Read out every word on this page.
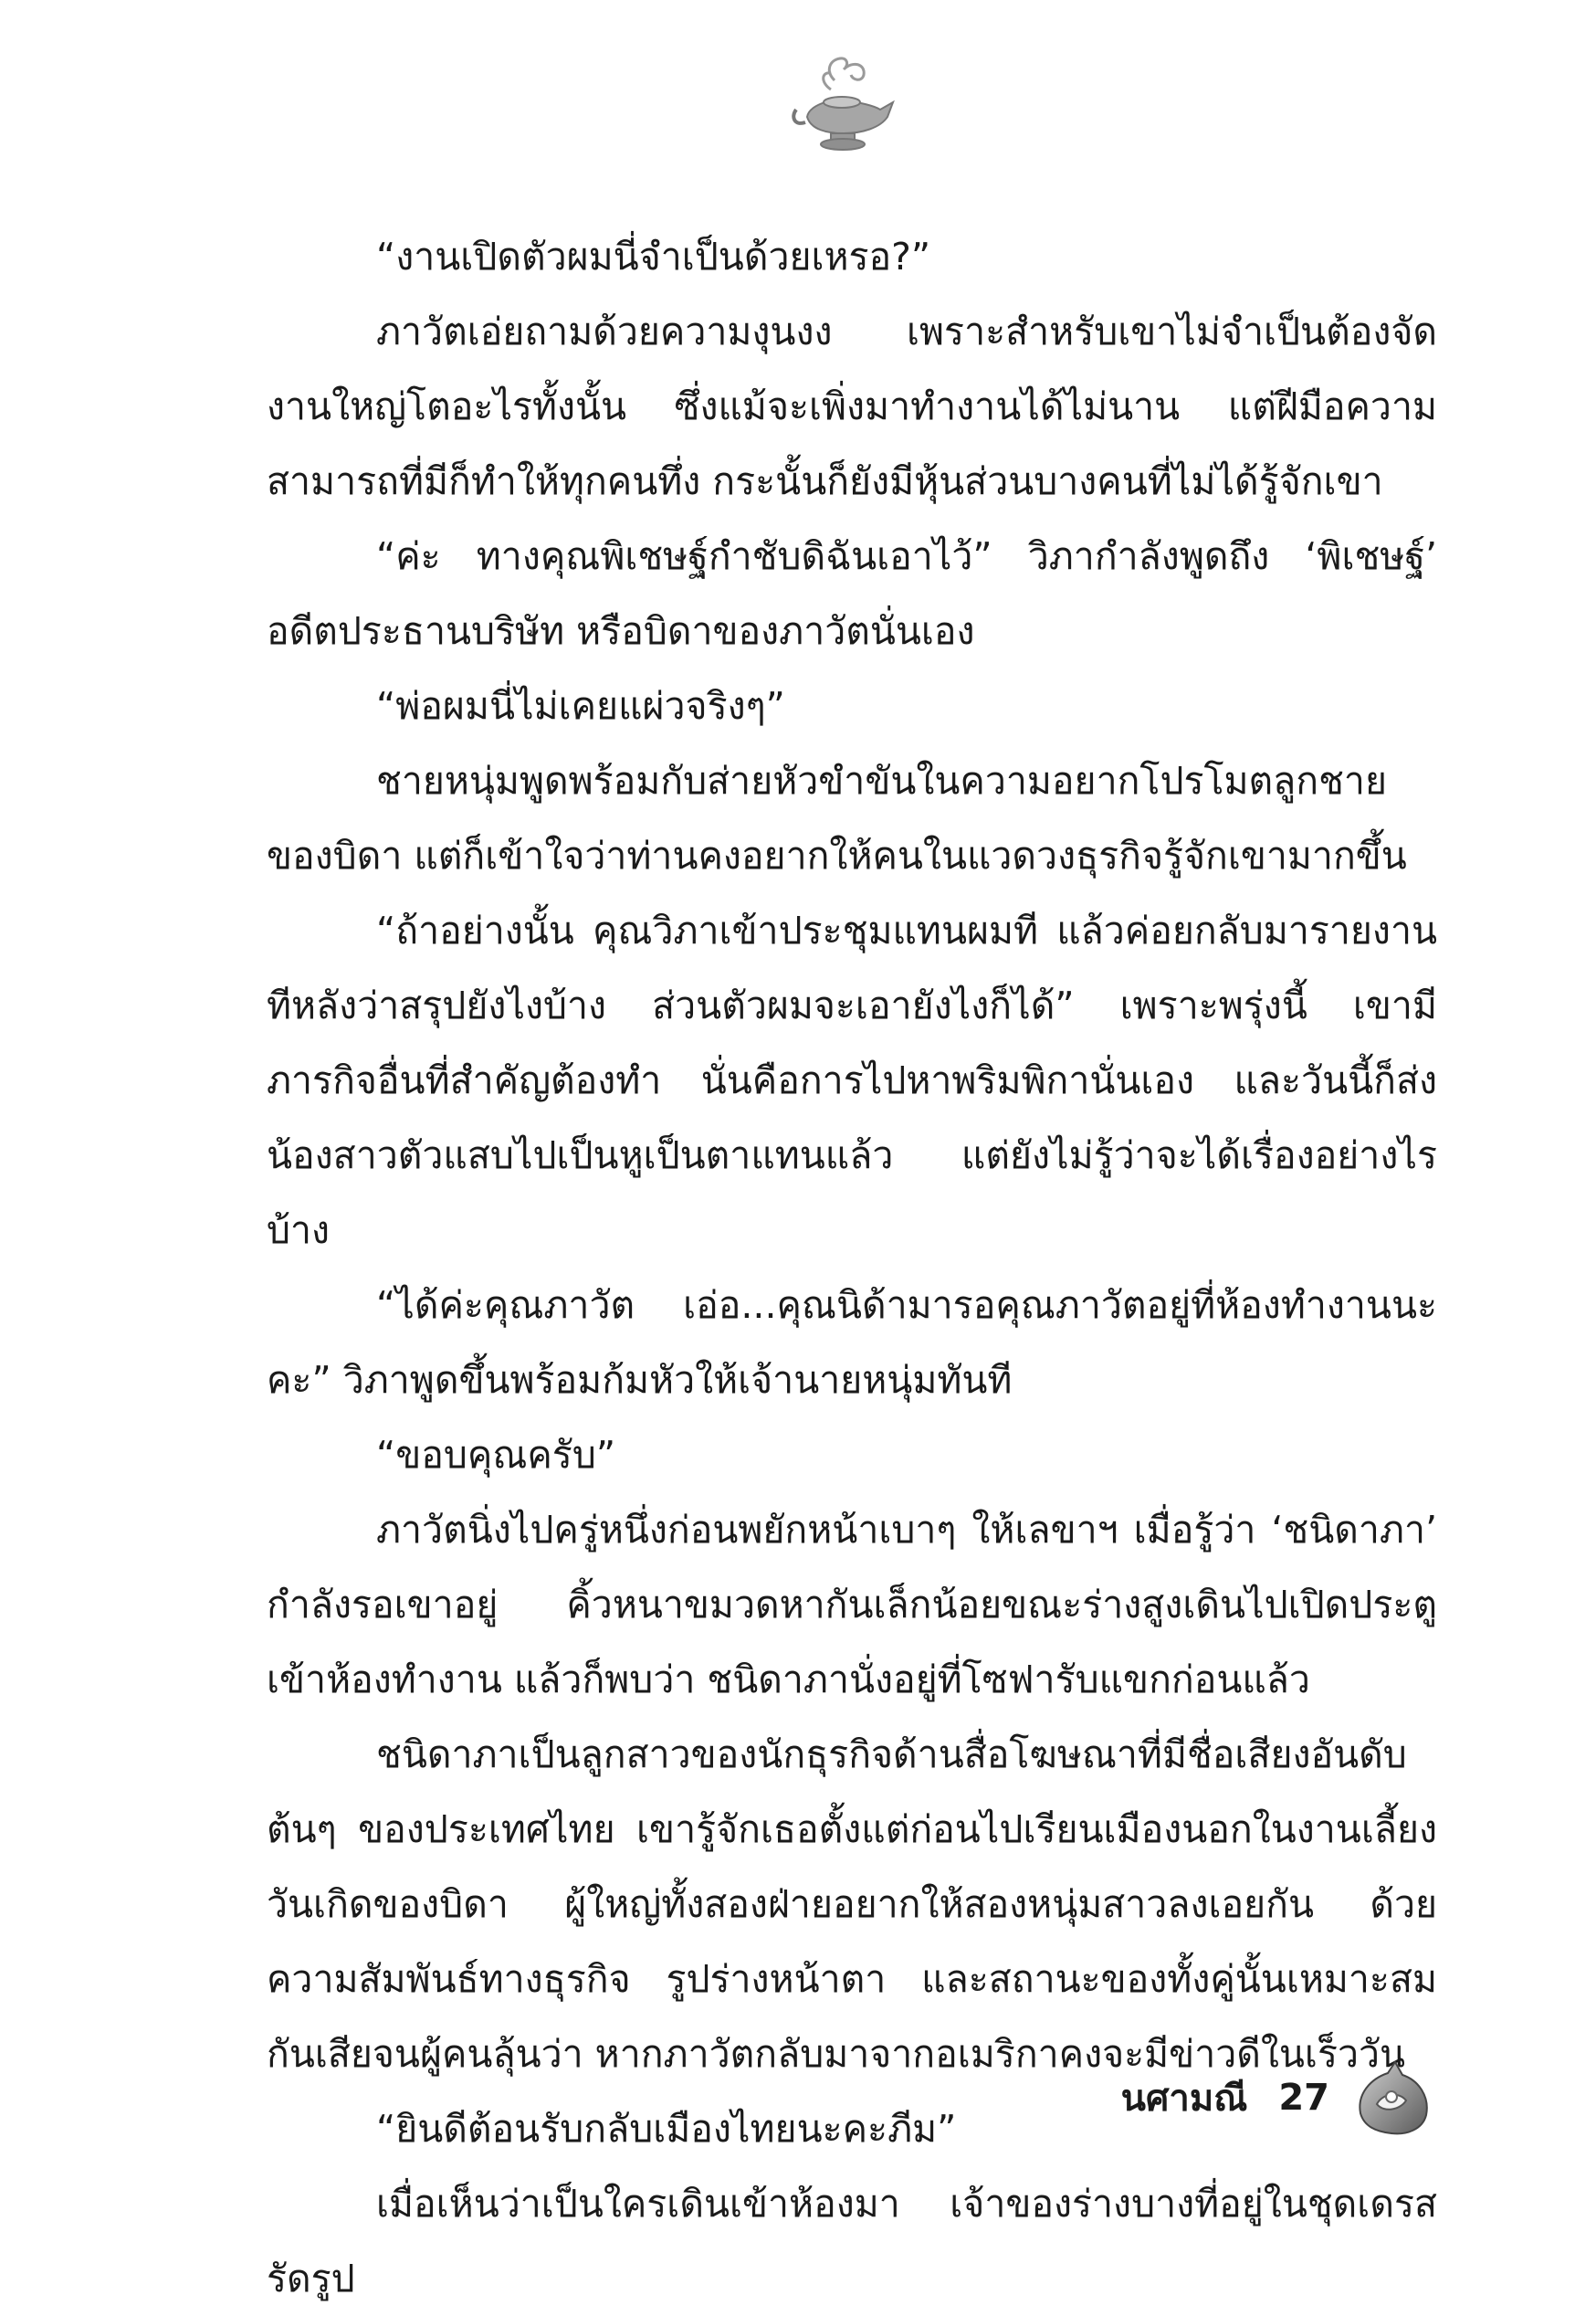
“งานเปิดตัวผมนี่จำเป็นด้วยเหรอ?”

ภาวัตเอ่ยถามด้วยความงุนงง เพราะสำหรับเขาไม่จำเป็นต้องจัดงานใหญ่โตอะไรทั้งนั้น ซึ่งแม้จะเพิ่งมาทำงานได้ไม่นาน แต่ฝีมือความสามารถที่มีก็ทำให้ทุกคนทึ่ง กระนั้นก็ยังมีหุ้นส่วนบางคนที่ไม่ได้รู้จักเขา

“ค่ะ ทางคุณพิเชษฐ์กำชับดิฉันเอาไว้” วิภากำลังพูดถึง ‘พิเชษฐ์’ อดีตประธานบริษัท หรือบิดาของภาวัตนั่นเอง

“พ่อผมนี่ไม่เคยแผ่วจริงๆ”

ชายหนุ่มพูดพร้อมกับส่ายหัวขำขันในความอยากโปรโมตลูกชายของบิดา แต่ก็เข้าใจว่าท่านคงอยากให้คนในแวดวงธุรกิจรู้จักเขามากขึ้น

“ถ้าอย่างนั้น คุณวิภาเข้าประชุมแทนผมที แล้วค่อยกลับมารายงานทีหลังว่าสรุปยังไงบ้าง ส่วนตัวผมจะเอายังไงก็ได้” เพราะพรุ่งนี้ เขามีภารกิจอื่นที่สำคัญต้องทำ นั่นคือการไปหาพริมพิกานั่นเอง และวันนี้ก็ส่งน้องสาวตัวแสบไปเป็นหูเป็นตาแทนแล้ว แต่ยังไม่รู้ว่าจะได้เรื่องอย่างไรบ้าง

“ได้ค่ะคุณภาวัต เอ่อ...คุณนิด้ามารอคุณภาวัตอยู่ที่ห้องทำงานนะคะ” วิภาพูดขึ้นพร้อมก้มหัวให้เจ้านายหนุ่มทันที

“ขอบคุณครับ”

ภาวัตนิ่งไปครู่หนึ่งก่อนพยักหน้าเบาๆ ให้เลขาฯ เมื่อรู้ว่า ‘ชนิดาภา’ กำลังรอเขาอยู่ คิ้วหนาขมวดหากันเล็กน้อยขณะร่างสูงเดินไปเปิดประตูเข้าห้องทำงาน แล้วก็พบว่า ชนิดาภานั่งอยู่ที่โซฟารับแขกก่อนแล้ว

ชนิดาภาเป็นลูกสาวของนักธุรกิจด้านสื่อโฆษณาที่มีชื่อเสียงอันดับต้นๆ ของประเทศไทย เขารู้จักเธอตั้งแต่ก่อนไปเรียนเมืองนอกในงานเลี้ยงวันเกิดของบิดา ผู้ใหญ่ทั้งสองฝ่ายอยากให้สองหนุ่มสาวลงเอยกัน ด้วยความสัมพันธ์ทางธุรกิจ รูปร่างหน้าตา และสถานะของทั้งคู่นั้นเหมาะสมกันเสียจนผู้คนลุ้นว่า หากภาวัตกลับมาจากอเมริกาคงจะมีข่าวดีในเร็ววัน

“ยินดีต้อนรับกลับเมืองไทยนะคะภีม”

เมื่อเห็นว่าเป็นใครเดินเข้าห้องมา เจ้าของร่างบางที่อยู่ในชุดเดรสรัดรูป

นศามณี 27
